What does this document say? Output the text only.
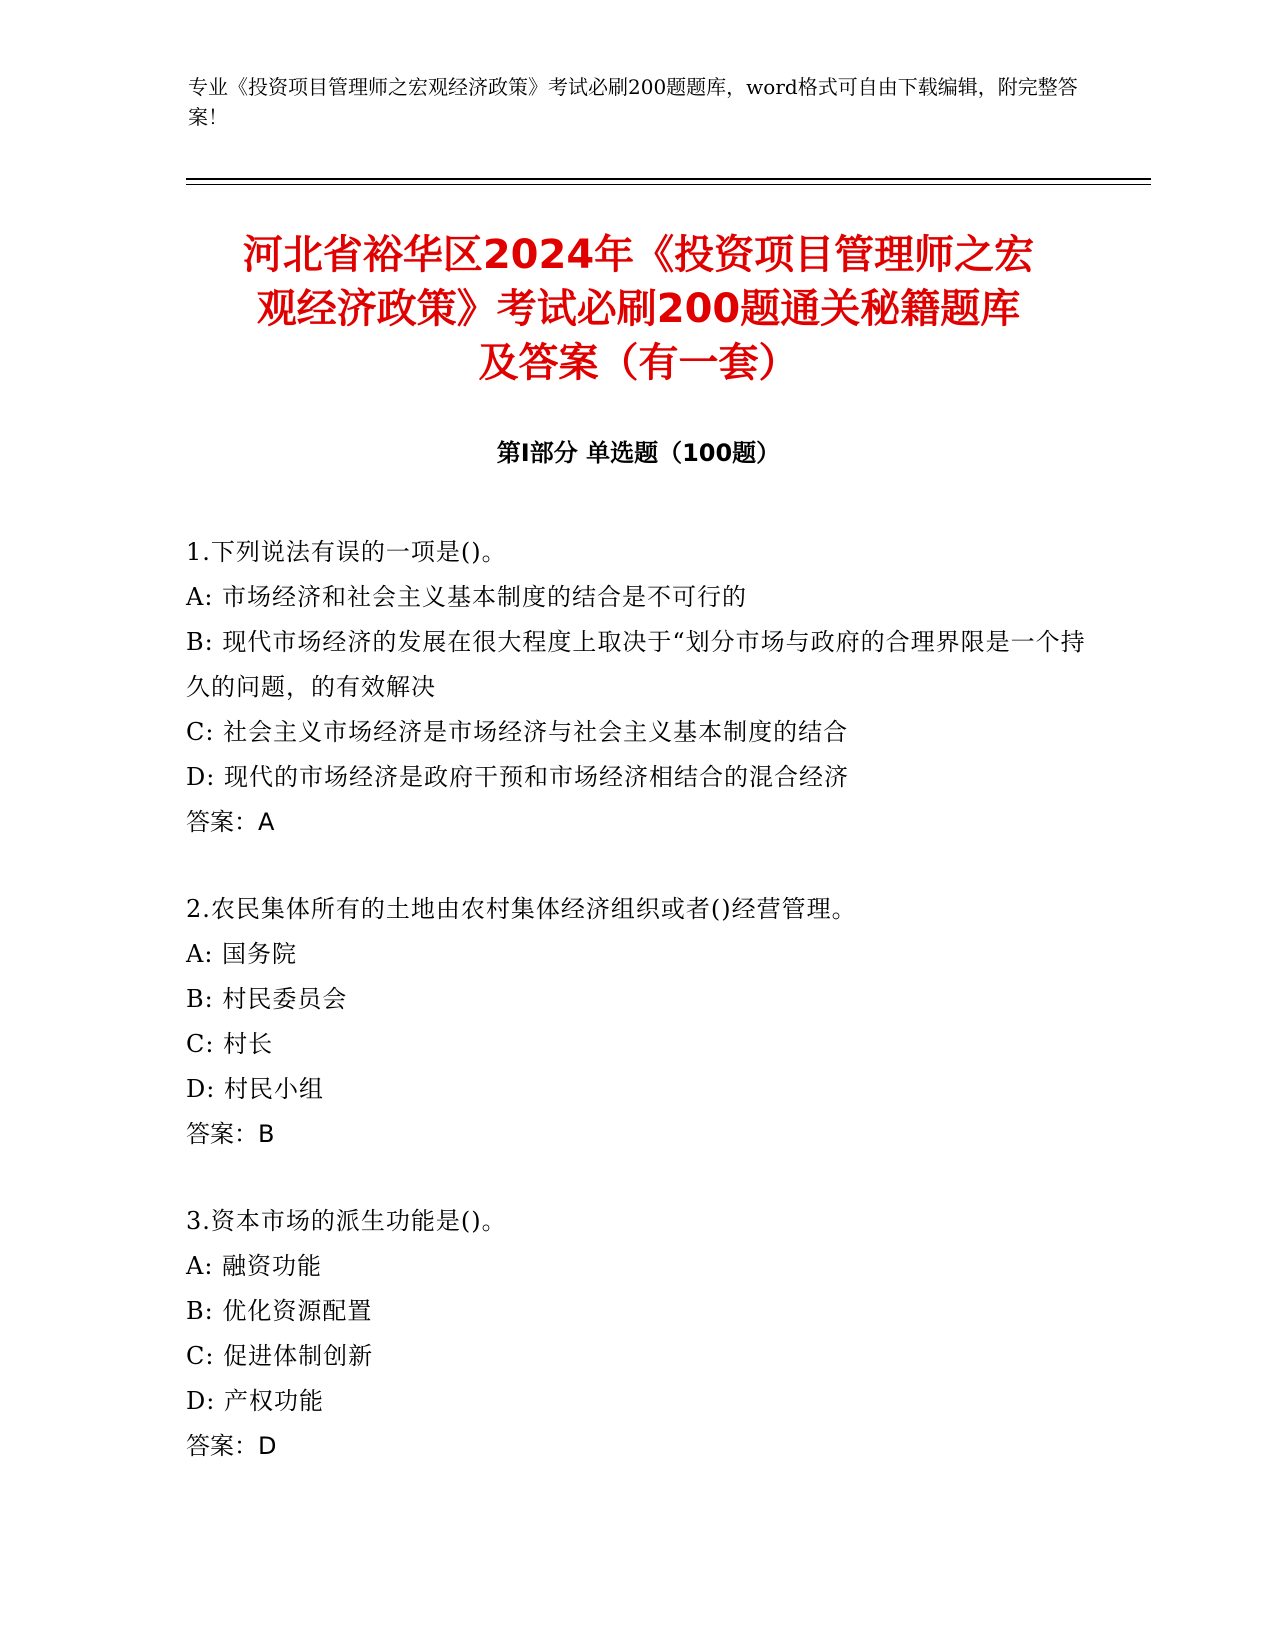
专业《投资项目管理师之宏观经济政策》考试必刷200题题库，word格式可自由下载编辑，附完整答案！
河北省裕华区2024年《投资项目管理师之宏
观经济政策》考试必刷200题通关秘籍题库
及答案（有一套）
第Ⅰ部分 单选题（100题）
1.下列说法有误的一项是()。
A: 市场经济和社会主义基本制度的结合是不可行的
B: 现代市场经济的发展在很大程度上取决于“划分市场与政府的合理界限是一个持久的问题，的有效解决
C: 社会主义市场经济是市场经济与社会主义基本制度的结合
D: 现代的市场经济是政府干预和市场经济相结合的混合经济
答案：A
2.农民集体所有的土地由农村集体经济组织或者()经营管理。
A: 国务院
B: 村民委员会
C: 村长
D: 村民小组
答案：B
3.资本市场的派生功能是()。
A: 融资功能
B: 优化资源配置
C: 促进体制创新
D: 产权功能
答案：D
